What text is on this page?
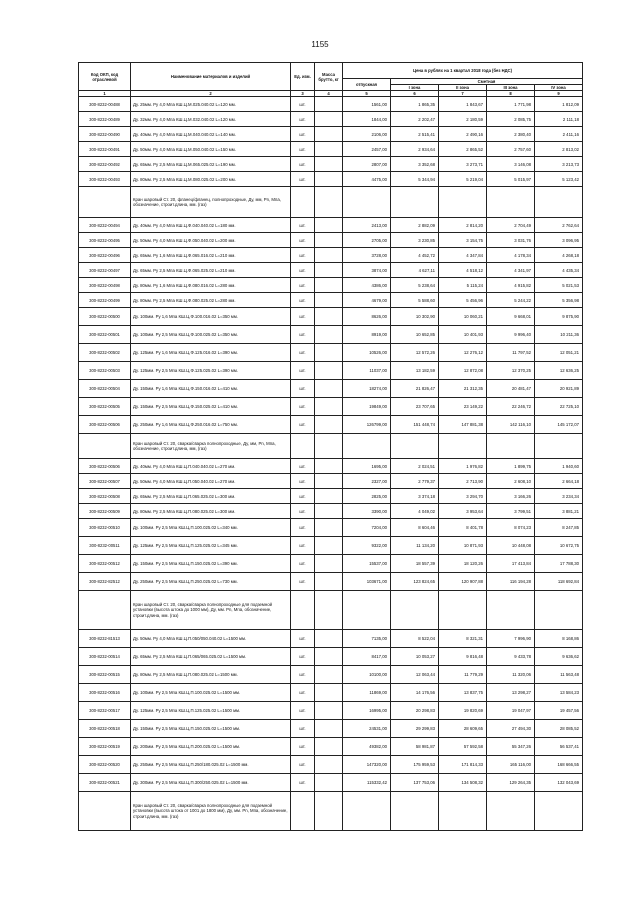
1155
Код ОКП, код отраслевой	Наименование материалов и изделий	Ед. изм.	Масса брутто, кг	Цена в рублях на 1 квартал 2018 года (без НДС)				
				отпускная	Сметная			
					I зона	II зона	III зона	IV зона
1	2	3	4	5	6	7	8	9
300-8232-00488	Ду. 25мм. Ру 4,0 Мпа КШ.Ц.М.025.040.02 L=120 мм.	шт.		1561,00	1 865,35	1 843,67	1 771,98	1 812,09
300-8232-00489	Ду. 32мм. Ру 4,0 Мпа КШ.Ц.М.032.040.02 L=120 мм.	шт.		1844,00	2 202,47	2 180,59	2 085,75	2 111,18
300-8232-00490	Ду. 40мм. Ру 4,0 Мпа КШ.Ц.М.040.040.02 L=140 мм.	шт.		2106,00	2 515,41	2 490,16	2 380,40	2 411,16
300-8232-00491	Ду. 50мм. Ру 4,0 Мпа КШ.Ц.М.050.040.02 L=150 мм.	шт.		2457,00	2 934,64	2 865,52	2 757,60	2 813,02
300-8232-00492	Ду. 65мм. Ру 2,5 Мпа КШ.Ц.М.065.025.02 L=190 мм.	шт.		2807,00	3 352,68	3 273,71	3 146,08	3 213,73
300-8232-00493	Ду. 80мм. Ру 2,5 Мпа КШ.Ц.М.080.025.02 L=200 мм.	шт.		4475,00	5 344,94	5 219,04	5 015,97	5 123,42
	Кран шаровый Ст. 20, фланец/фланец, полнопроходные, Ду, мм, Рn, Мпа, обозначение, строит.длина, мм. (газ)							
300-8232-00494	Ду. 40мм. Ру 4,0 Мпа КШ.Ц.Ф.040.040.02 L=180 мм.	шт.		2413,00	2 882,09	2 814,20	2 704,49	2 762,64
300-8232-00495	Ду. 50мм. Ру 4,0 Мпа КШ.Ц.Ф.050.040.02 L=200 мм.	шт.		2705,00	3 230,85	3 154,75	3 031,76	3 096,95
300-8232-00496	Ду. 65мм. Ру 1,6 Мпа КШ.Ц.Ф.065.016.02 L=210 мм.	шт.		3728,00	4 452,72	4 347,84	4 178,34	4 268,18
300-8232-00497	Ду. 65мм. Ру 2,5 Мпа КШ.Ц.Ф.065.025.02 L=210 мм.	шт.		3874,00	4 627,11	4 518,12	4 341,97	4 435,34
300-8232-00498	Ду. 80мм. Ру 1,6 Мпа КШ.Ц.Ф.080.016.02 L=280 мм.	шт.		4386,00	5 238,64	5 115,24	4 915,82	5 021,53
300-8232-00499	Ду. 80мм. Ру 2,5 Мпа КШ.Ц.Ф.080.025.02 L=280 мм.	шт.		4679,00	5 588,60	5 456,96	5 244,22	5 356,98
300-8232-00500	Ду. 100мм. Ру 1,6 Мпа КШ.Ц.Ф.100.016.02 L=350 мм.	шт.		8626,00	10 302,90	10 060,21	9 668,01	9 875,90
300-8232-00501	Ду. 100мм. Ру 2,5 Мпа КШ.Ц.Ф.100.025.02 L=350 мм.	шт.		8919,00	10 652,85	10 401,93	9 996,40	10 211,36
300-8232-00502	Ду. 125мм. Ру 1,6 Мпа КШ.Ц.Ф.125.016.02 L=390 мм.	шт.		10526,00	12 572,26	12 276,12	11 797,52	12 051,21
300-8232-00503	Ду. 125мм. Ру 2,5 Мпа КШ.Ц.Ф.125.025.02 L=390 мм.	шт.		11037,00	13 182,59	12 872,08	12 370,25	12 636,25
300-8232-00504	Ду. 150мм. Ру 1,6 Мпа КШ.Ц.Ф.150.016.02 L=410 мм.	шт.		18274,00	21 826,47	21 312,35	20 481,47	20 921,89
300-8232-00505	Ду. 150мм. Ру 2,5 Мпа КШ.Ц.Ф.150.025.02 L=410 мм.	шт.		19849,00	23 707,65	23 149,22	22 246,72	22 725,10
300-8232-00506	Ду. 250мм. Ру 1,6 Мпа КШ.Ц.Ф.250.016.02 L=750 мм.	шт.		126799,00	151 448,74	147 881,38	142 116,10	145 172,07
	Кран шаровый Ст. 20, сварка/сварка полнопроходные, Ду, мм, Рn, Мпа, обозначение, строит.длина, мм, (газ)							
300-8232-00506	Ду. 40мм. Ру 4,0 Мпа КШ.Ц.П.040.040.02 L=270 мм.	шт.		1695,00	2 024,51	1 976,82	1 899,75	1 940,60
300-8232-00507	Ду. 50мм. Ру 4,0 Мпа КШ.Ц.П.050.040.02 L=270 мм.	шт.		2327,00	2 779,37	2 713,90	2 608,10	2 664,18
300-8232-00508	Ду. 65мм. Ру 2,5 Мпа КШ.Ц.П.065.025.02 L=300 мм.	шт.		2825,00	3 374,18	3 294,70	3 166,26	3 234,34
300-8232-00509	Ду. 80мм. Ру 2,5 Мпа КШ.Ц.П.080.025.02 L=300 мм.	шт.		3390,00	4 049,02	3 953,64	3 799,51	3 881,21
300-8232-00510	Ду. 100мм. Ру 2,5 Мпа КШ.Ц.П.100.025.02 L=340 мм.	шт.		7204,00	8 604,46	8 401,78	8 074,23	8 247,85
300-8232-00511	Ду. 125мм. Ру 2,5 Мпа КШ.Ц.П.125.025.02 L=345 мм.	шт.		9322,00	11 134,20	10 871,93	10 448,08	10 672,75
300-8232-00512	Ду. 150мм. Ру 2,5 Мпа КШ.Ц.П.150.025.02 L=390 мм.	шт.		15537,00	18 557,39	18 120,26	17 413,84	17 788,30
300-8232-82512	Ду. 250мм. Ру 2,5 Мпа КШ.Ц.П.250.025.02 L=730 мм.	шт.		103671,00	123 824,65	120 907,88	116 194,28	118 692,84
	Кран шаровый Ст. 20, сварка/сварка полнопроходные для подземной установки (высота штока до 1000 мм), Ду, мм. Рn, Мпа, обозначение, строит.длина, мм. (газ)							
300-8232-81513	Ду. 50мм. Ру 4,0 Мпа КШ.Ц.П.050/050.040.02 L=1500 мм.	шт.		7135,00	8 522,04	8 321,31	7 996,90	8 168,86
300-8232-00514	Ду. 65мм. Ру 2,5 Мпа КШ.Ц.П.065/065.025.02 L=1500 мм.	шт.		8417,00	10 053,27	9 816,48	9 433,78	9 636,62
300-8232-00515	Ду. 80мм. Ру 2,5 Мпа КШ.Ц.П.080.025.02 L=1500 мм.	шт.		10100,00	12 063,44	11 779,29	11 320,06	11 563,48
300-8232-00516	Ду. 100мм. Ру 2,5 Мпа КШ.Ц.П.100.025.02 L=1500 мм.	шт.		11869,00	14 176,56	13 837,75	13 298,27	13 584,23
300-8232-00517	Ду. 125мм. Ру 2,5 Мпа КШ.Ц.П.125.025.02 L=1500 мм.	шт.		16995,00	20 298,83	19 820,69	19 047,97	19 457,56
300-8232-00518	Ду. 150мм. Ру 2,5 Мпа КШ.Ц.П.150.025.02 L=1500 мм.	шт.		24531,00	29 299,83	28 609,65	27 494,30	28 085,52
300-8232-00519	Ду. 200мм. Ру 2,5 Мпа КШ.Ц.П.200.025.02 L=1500 мм.	шт.		49382,00	58 981,87	57 592,58	55 347,26	56 537,41
300-8232-00520	Ду. 250мм. Ру 2,5 Мпа КШ.Ц.П.250/180.025.02 L=1500 мм.	шт.		147320,00	175 959,53	171 814,33	165 116,00	168 666,55
300-8232-00521	Ду. 300мм. Ру 2,5 Мпа КШ.Ц.П.300/250.025.02 L=1500 мм.	шт.		115332,42	137 753,06	134 508,32	129 264,35	132 043,69
	Кран шаровый Ст. 20, сварка/сварка полнопроходные для подземной установки (высота штока от 1001 до 1800 мм), Ду, мм. Рn, Мпа, обозначение, строит.длина, мм. (газ)							
